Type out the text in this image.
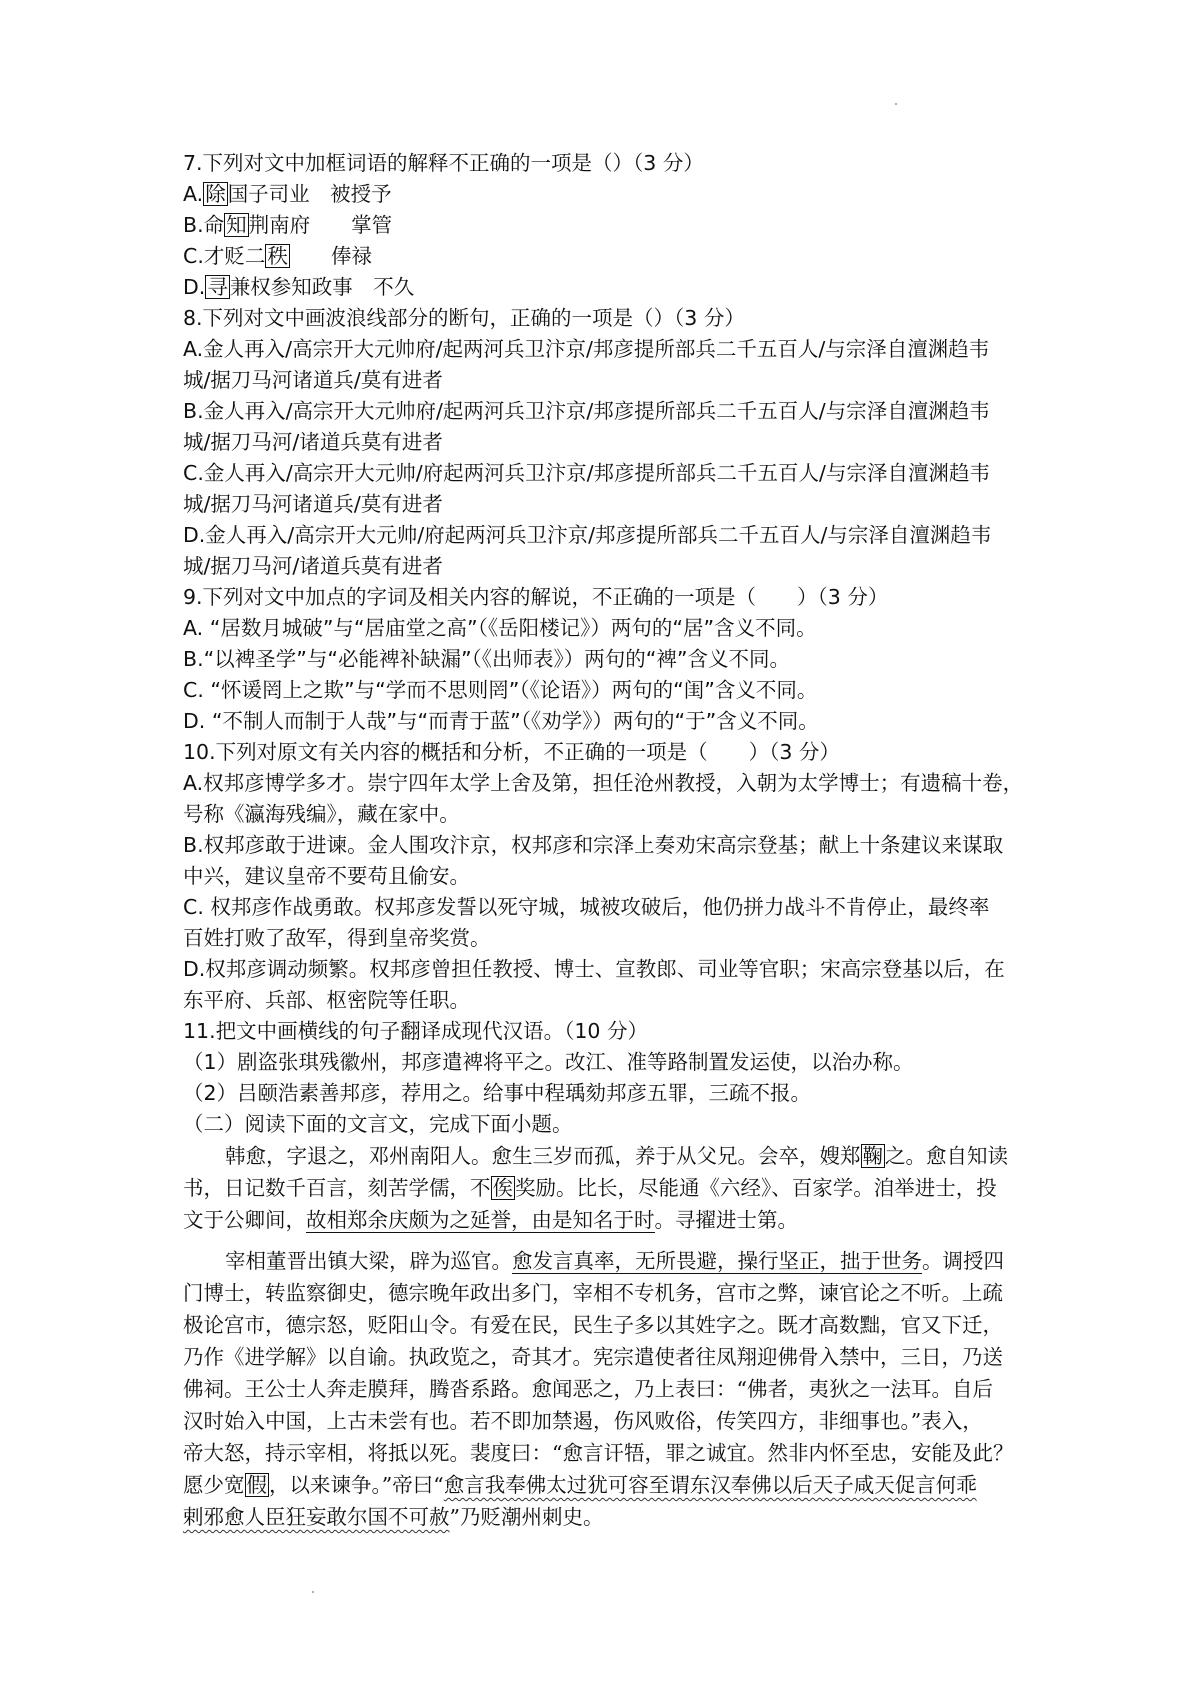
7.下列对文中加框词语的解释不正确的一项是（）（3 分）
A.除国子司业　被授予
B.命知荆南府　　掌管
C.才贬二秩　　俸禄
D.寻兼权参知政事　不久
8.下列对文中画波浪线部分的断句，正确的一项是（）（3 分）
A.金人再入/高宗开大元帅府/起两河兵卫汴京/邦彦提所部兵二千五百人/与宗泽自澶渊趋韦
城/据刀马河诸道兵/莫有进者
B.金人再入/高宗开大元帅府/起两河兵卫汴京/邦彦提所部兵二千五百人/与宗泽自澶渊趋韦
城/据刀马河/诸道兵莫有进者
C.金人再入/高宗开大元帅/府起两河兵卫汴京/邦彦提所部兵二千五百人/与宗泽自澶渊趋韦
城/据刀马河诸道兵/莫有进者
D.金人再入/高宗开大元帅/府起两河兵卫汴京/邦彦提所部兵二千五百人/与宗泽自澶渊趋韦
城/据刀马河/诸道兵莫有进者
9.下列对文中加点的字词及相关内容的解说，不正确的一项是（　　）（3 分）
A. “居数月城破”与“居庙堂之高”（《岳阳楼记》）两句的“居”含义不同。
B.“以裨圣学”与“必能裨补缺漏”（《出师表》）两句的“裨”含义不同。
C. “怀谖罔上之欺”与“学而不思则罔”（《论语》）两句的“闺”含义不同。
D. “不制人而制于人哉”与“而青于蓝”（《劝学》）两句的“于”含义不同。
10.下列对原文有关内容的概括和分析，不正确的一项是（　　）（3 分）
A.权邦彦博学多才。崇宁四年太学上舍及第，担任沧州教授，入朝为太学博士；有遗稿十卷，
号称《瀛海残编》，藏在家中。
B.权邦彦敢于进谏。金人围攻汴京，权邦彦和宗泽上奏劝宋高宗登基；献上十条建议来谋取
中兴，建议皇帝不要苟且偷安。
C. 权邦彦作战勇敢。权邦彦发誓以死守城，城被攻破后，他仍拼力战斗不肯停止，最终率
百姓打败了敌军，得到皇帝奖赏。
D.权邦彦调动频繁。权邦彦曾担任教授、博士、宣教郎、司业等官职；宋高宗登基以后，在
东平府、兵部、枢密院等任职。
11.把文中画横线的句子翻译成现代汉语。（10 分）
（1）剧盗张琪残徽州，邦彦遣裨将平之。改江、准等路制置发运使，以治办称。
（2）吕颐浩素善邦彦，荐用之。给事中程瑀劾邦彦五罪，三疏不报。
（二）阅读下面的文言文，完成下面小题。
韩愈，字退之，邓州南阳人。愈生三岁而孤，养于从父兄。会卒，嫂郑鞠之。愈自知读
书，日记数千百言，刻苦学儒，不俟奖励。比长，尽能通《六经》、百家学。洎举进士，投
文于公卿间，故相郑余庆颇为之延誉，由是知名于时。寻擢进士第。
宰相董晋出镇大梁，辟为巡官。愈发言真率，无所畏避，操行坚正，拙于世务。调授四
门博士，转监察御史，德宗晚年政出多门，宰相不专机务，宫市之弊，谏官论之不听。上疏
极论宫市，德宗怒，贬阳山令。有爱在民，民生子多以其姓字之。既才高数黜，官又下迁，
乃作《进学解》以自谕。执政览之，奇其才。宪宗遣使者往凤翔迎佛骨入禁中，三日，乃送
佛祠。王公士人奔走膜拜，腾沓系路。愈闻恶之，乃上表曰：“佛者，夷狄之一法耳。自后
汉时始入中国，上古未尝有也。若不即加禁遏，伤风败俗，传笑四方，非细事也。”表入，
帝大怒，持示宰相，将抵以死。裴度曰：“愈言讦牾，罪之诚宜。然非内怀至忠，安能及此？
愿少宽假，以来谏争。”帝曰“愈言我奉佛太过犹可容至谓东汉奉佛以后天子咸天促言何乖
剌邪愈人臣狂妄敢尔国不可赦”乃贬潮州刺史。
